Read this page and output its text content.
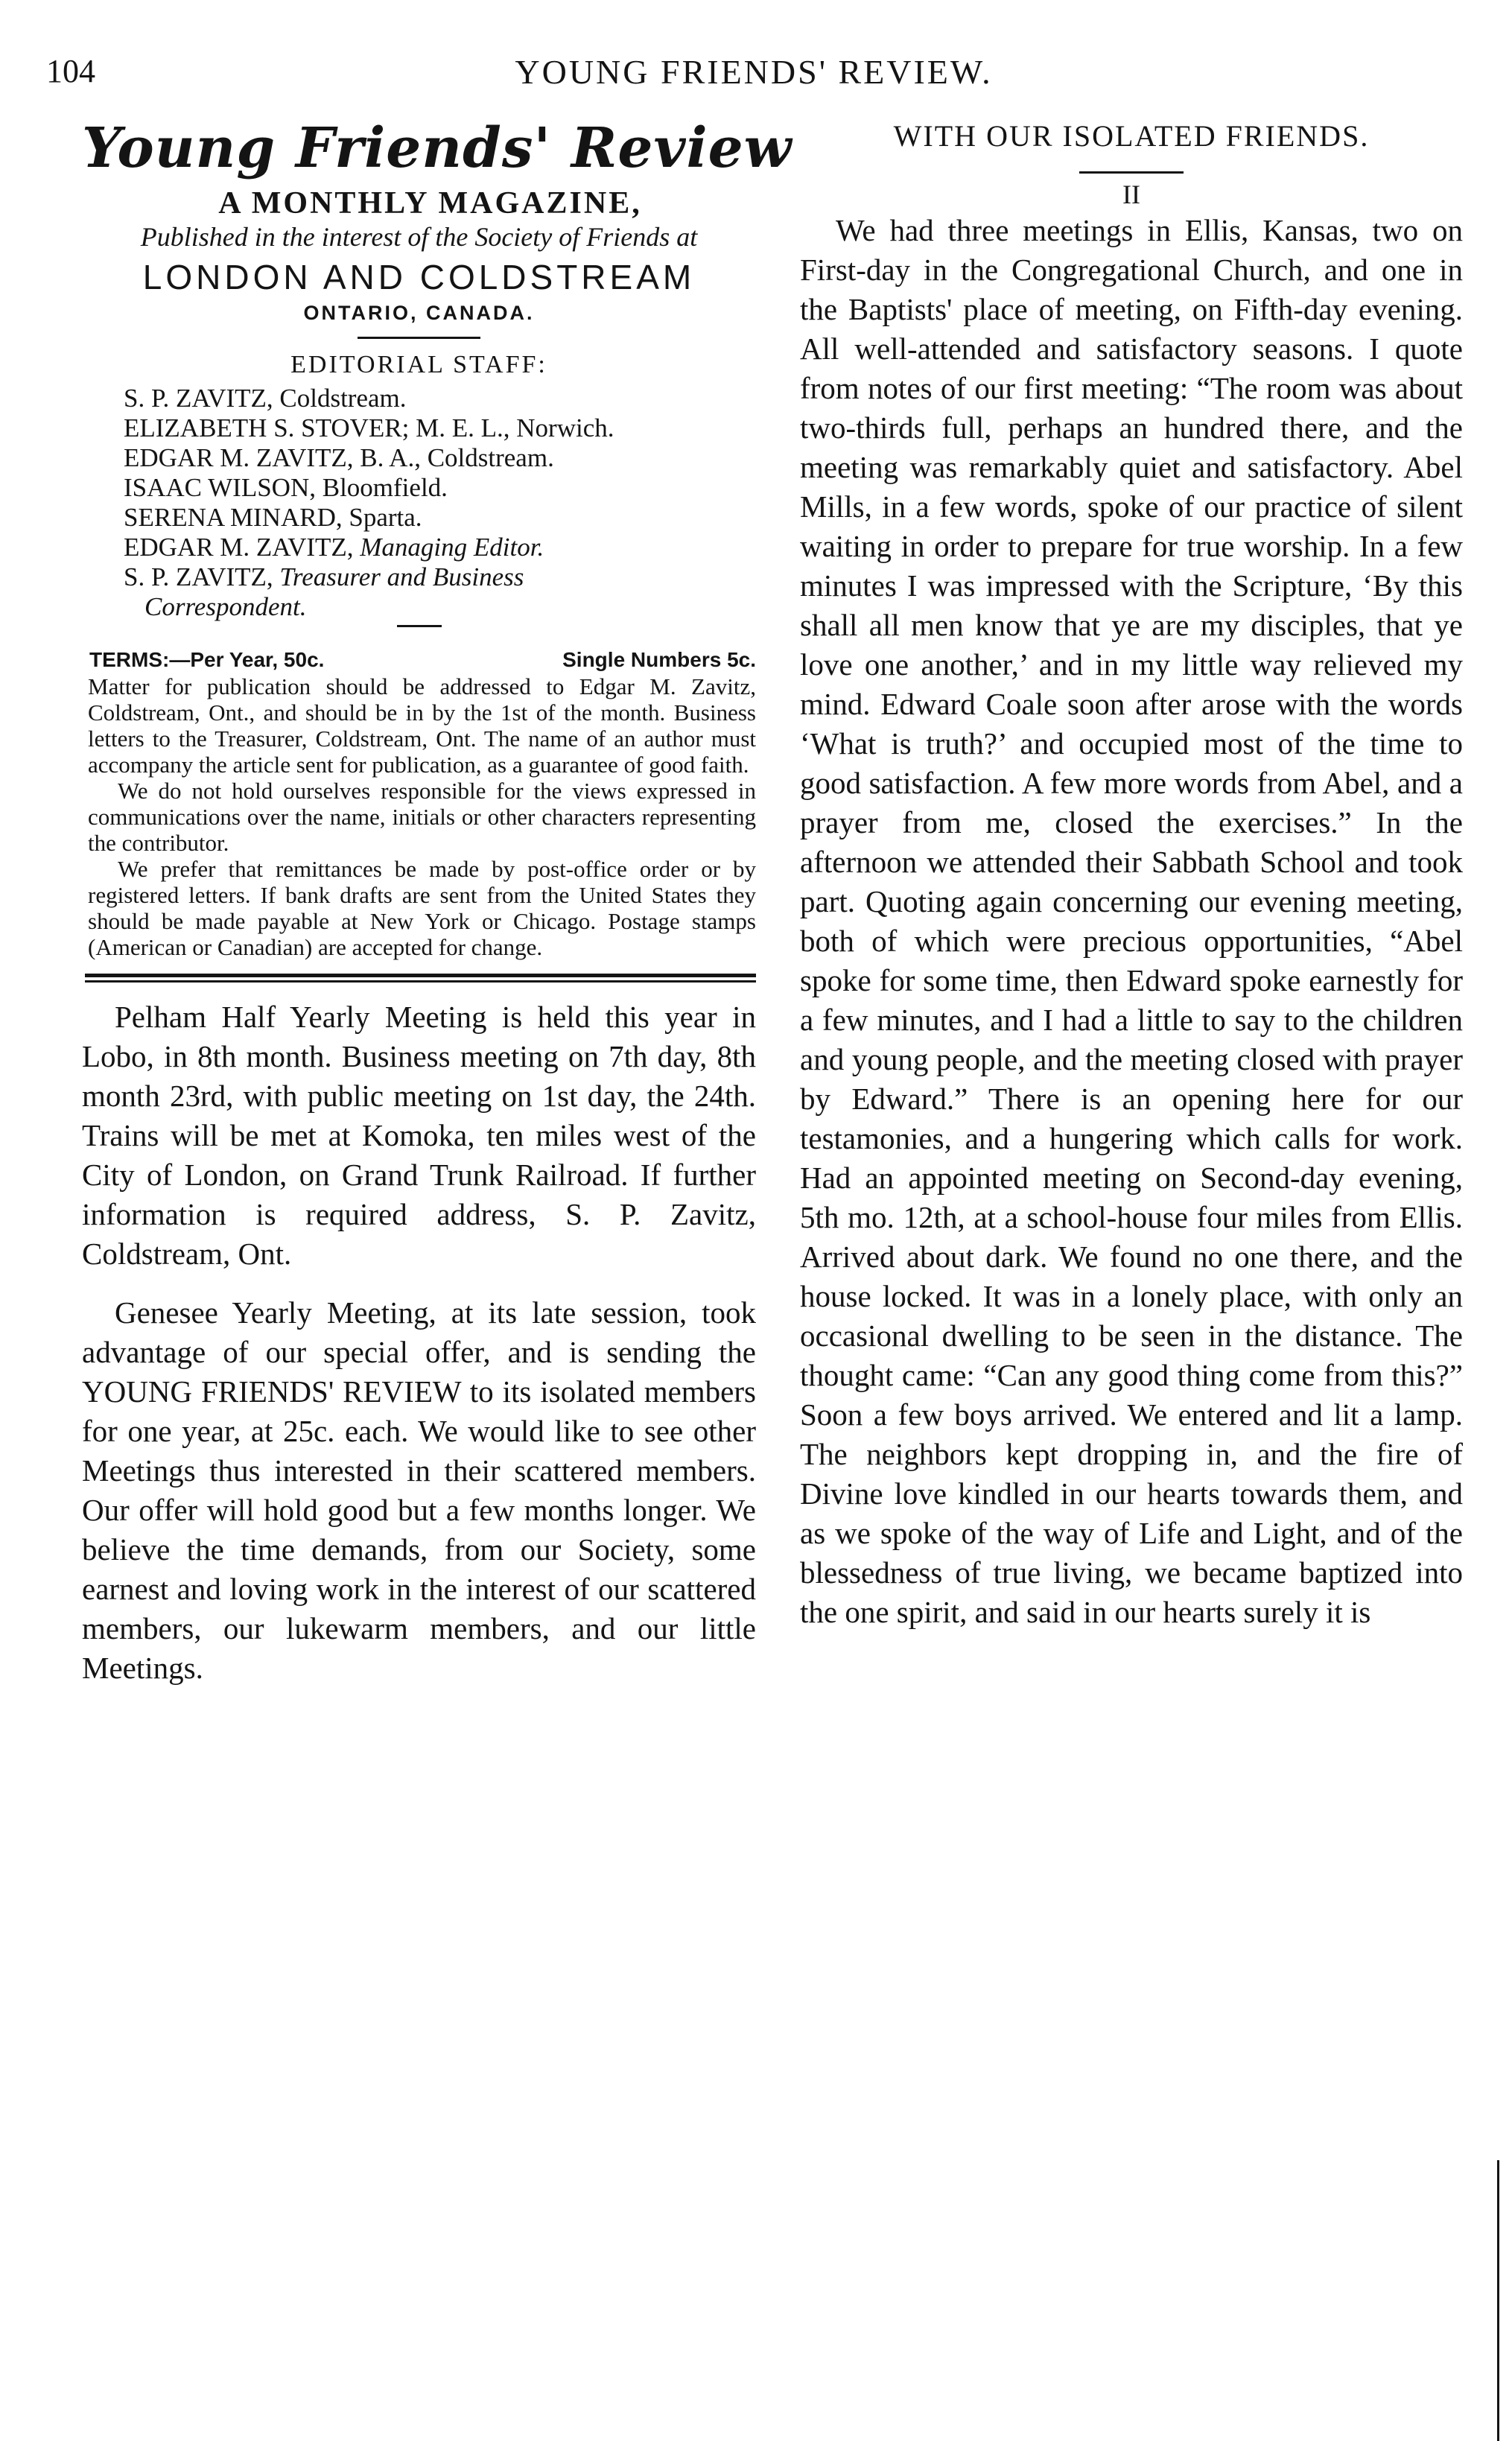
104	YOUNG FRIENDS' REVIEW.
Young Friends' Review
A MONTHLY MAGAZINE,
Published in the interest of the Society of Friends at
LONDON AND COLDSTREAM
ONTARIO, CANADA.
EDITORIAL STAFF:
S. P. ZAVITZ, Coldstream.
ELIZABETH S. STOVER; M. E. L., Norwich.
EDGAR M. ZAVITZ, B. A., Coldstream.
ISAAC WILSON, Bloomfield.
SERENA MINARD, Sparta.
EDGAR M. ZAVITZ, Managing Editor.
S. P. ZAVITZ, Treasurer and Business
Correspondent.
TERMS:—Per Year, 50c.	Single Numbers 5c.

Matter for publication should be addressed to Edgar M. Zavitz, Coldstream, Ont., and should be in by the 1st of the month. Business letters to the Treasurer, Coldstream, Ont. The name of an author must accompany the article sent for publication, as a guarantee of good faith.

We do not hold ourselves responsible for the views expressed in communications over the name, initials or other characters representing the contributor.

We prefer that remittances be made by post-office order or by registered letters. If bank drafts are sent from the United States they should be made payable at New York or Chicago. Postage stamps (American or Canadian) are accepted for change.

Pelham Half Yearly Meeting is held this year in Lobo, in 8th month. Business meeting on 7th day, 8th month 23rd, with public meeting on 1st day, the 24th. Trains will be met at Komoka, ten miles west of the City of London, on Grand Trunk Railroad. If further information is required address, S. P. Zavitz, Coldstream, Ont.

Genesee Yearly Meeting, at its late session, took advantage of our special offer, and is sending the YOUNG FRIENDS' REVIEW to its isolated members for one year, at 25c. each. We would like to see other Meetings thus interested in their scattered members. Our offer will hold good but a few months longer. We believe the time demands, from our Society, some earnest and loving work in the interest of our scattered members, our lukewarm members, and our little Meetings.

WITH OUR ISOLATED FRIENDS.
II

We had three meetings in Ellis, Kansas, two on First-day in the Congregational Church, and one in the Baptists' place of meeting, on Fifth-day evening. All well-attended and satisfactory seasons. I quote from notes of our first meeting: “The room was about two-thirds full, perhaps an hundred there, and the meeting was remarkably quiet and satisfactory. Abel Mills, in a few words, spoke of our practice of silent waiting in order to prepare for true worship. In a few minutes I was impressed with the Scripture, ‘By this shall all men know that ye are my disciples, that ye love one another,’ and in my little way relieved my mind. Edward Coale soon after arose with the words ‘What is truth?’ and occupied most of the time to good satisfaction. A few more words from Abel, and a prayer from me, closed the exercises.” In the afternoon we attended their Sabbath School and took part. Quoting again concerning our evening meeting, both of which were precious opportunities, “Abel spoke for some time, then Edward spoke earnestly for a few minutes, and I had a little to say to the children and young people, and the meeting closed with prayer by Edward.” There is an opening here for our testamonies, and a hungering which calls for work. Had an appointed meeting on Second-day evening, 5th mo. 12th, at a school-house four miles from Ellis. Arrived about dark. We found no one there, and the house locked. It was in a lonely place, with only an occasional dwelling to be seen in the distance. The thought came: “Can any good thing come from this?” Soon a few boys arrived. We entered and lit a lamp. The neighbors kept dropping in, and the fire of Divine love kindled in our hearts towards them, and as we spoke of the way of Life and Light, and of the blessedness of true living, we became baptized into the one spirit, and said in our hearts surely it is
